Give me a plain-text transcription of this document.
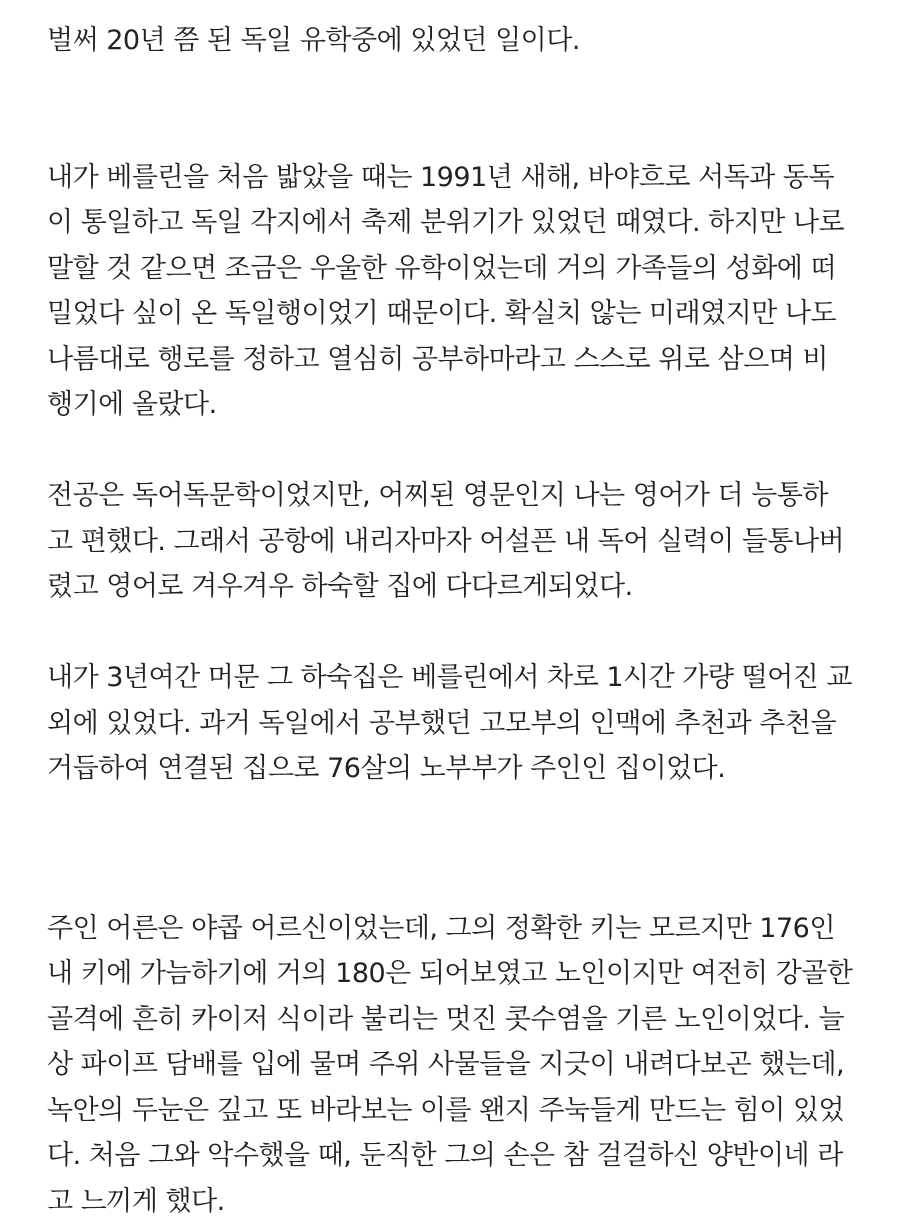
벌써 20년 쯤 된 독일 유학중에 있었던 일이다.
내가 베를린을 처음 밟았을 때는 1991년 새해, 바야흐로 서독과 동독
이 통일하고 독일 각지에서 축제 분위기가 있었던 때였다. 하지만 나로
말할 것 같으면 조금은 우울한 유학이었는데 거의 가족들의 성화에 떠
밀었다 싶이 온 독일행이었기 때문이다. 확실치 않는 미래였지만 나도
나름대로 행로를 정하고 열심히 공부하마라고 스스로 위로 삼으며 비
행기에 올랐다.
전공은 독어독문학이었지만, 어찌된 영문인지 나는 영어가 더 능통하
고 편했다. 그래서 공항에 내리자마자 어설픈 내 독어 실력이 들통나버
렸고 영어로 겨우겨우 하숙할 집에 다다르게되었다.
내가 3년여간 머문 그 하숙집은 베를린에서 차로 1시간 가량 떨어진 교
외에 있었다. 과거 독일에서 공부했던 고모부의 인맥에 추천과 추천을
거듭하여 연결된 집으로 76살의 노부부가 주인인 집이었다.
주인 어른은 야콥 어르신이었는데, 그의 정확한 키는 모르지만 176인
내 키에 가늠하기에 거의 180은 되어보였고 노인이지만 여전히 강골한
골격에 흔히 카이저 식이라 불리는 멋진 콧수염을 기른 노인이었다. 늘
상 파이프 담배를 입에 물며 주위 사물들을 지긋이 내려다보곤 했는데,
녹안의 두눈은 깊고 또 바라보는 이를 왠지 주눅들게 만드는 힘이 있었
다. 처음 그와 악수했을 때, 둔직한 그의 손은 참 걸걸하신 양반이네 라
고 느끼게 했다.
